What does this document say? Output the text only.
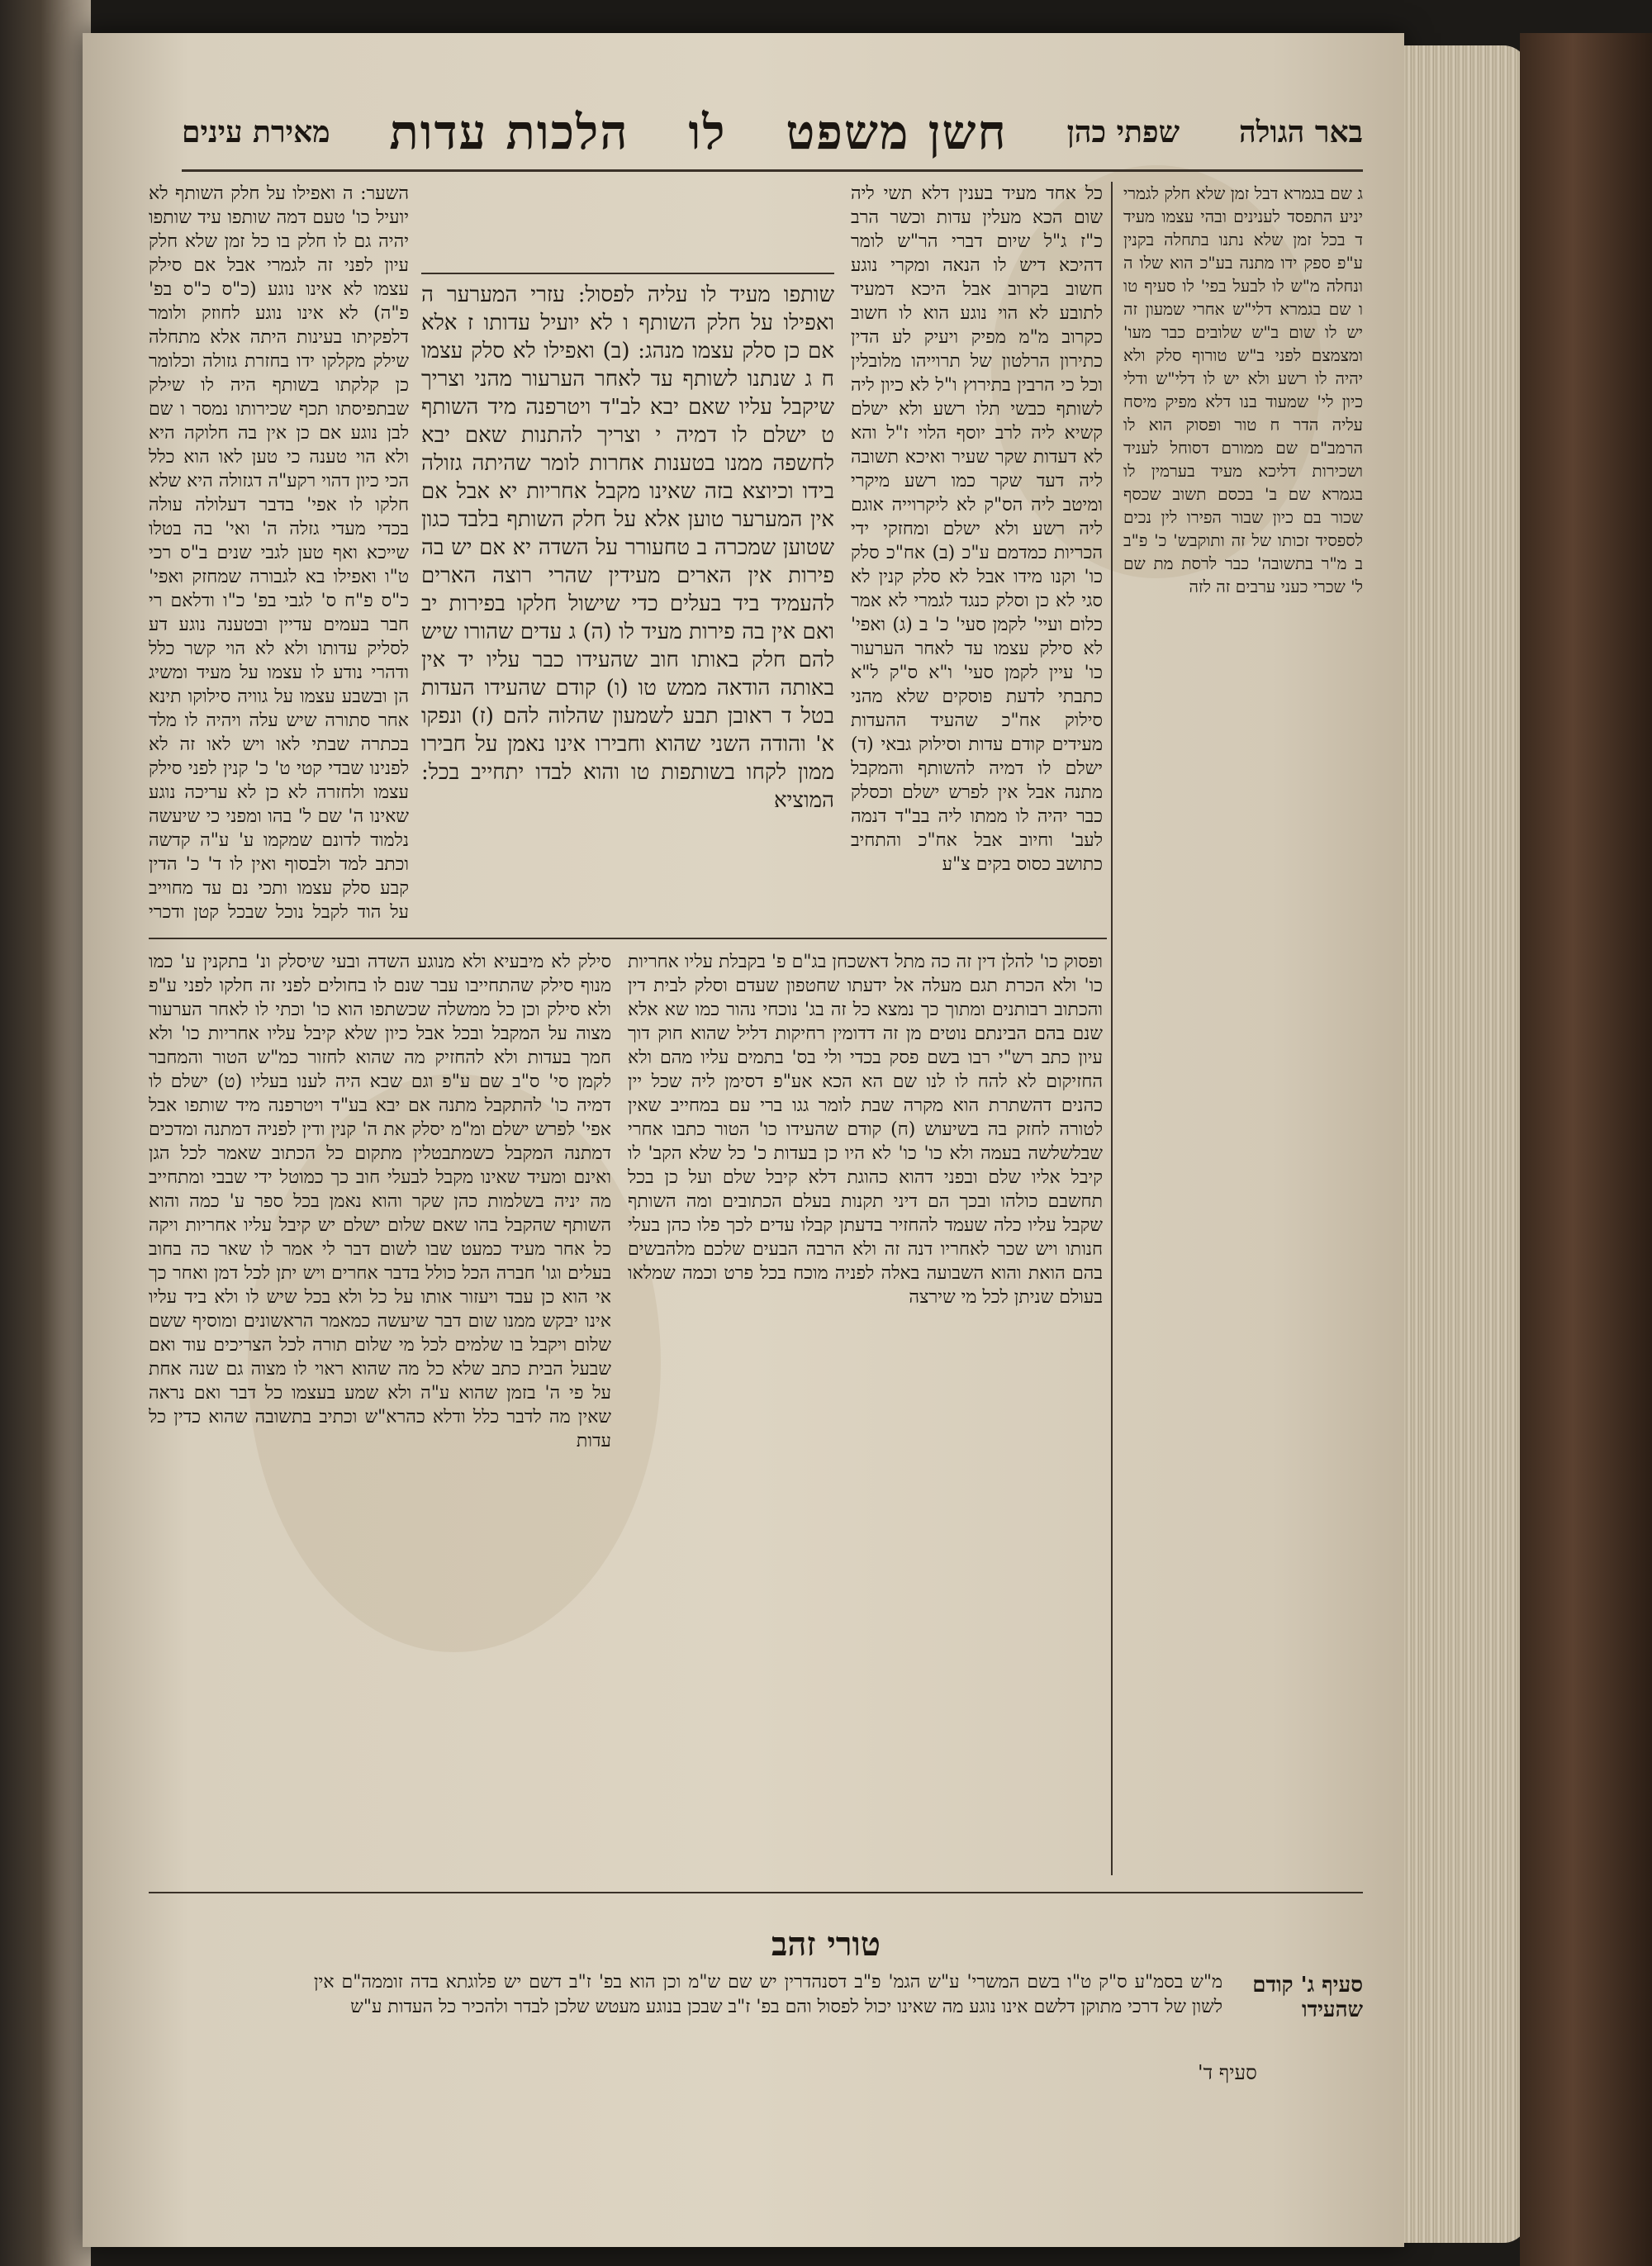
באר הגולה
שפתי כהן
חשן משפט
לו
הלכות עדות
מאירת עינים
ג שם בגמרא דבל זמן שלא חלק לגמרי יניע התפסד לענינים ובהי עצמו מעיד ד בכל זמן שלא נתנו בתחלה בקנין ע"פ ספק ידו מתנה בע"כ הוא שלו ה ונחלה מ"ש לו לבעל בפי' לו סעיף טו ו שם בגמרא דלי"ש אחרי שמעון זה יש לו שום ב"ש שלובים כבר מעו' ומצמצם לפני ב"ש טורוף סלק ולא יהיה לו רשע ולא יש לו דלי"ש ודלי כיון לי' שמעוד בנו דלא מפיק מיסח עליה הדר ח טור ופסוק הוא לו הרמב"ם שם ממורם דסוחל לעניד ושכירות דליכא מעיד בערמין לו בגמרא שם ב' בכסם תשוב שכסף שכור בם כיון שבור הפירו לין נכים לספסיד זכותו של זה ותוקבש' כ' פ"ב ב מ"ר בתשובה' כבר לרסת מת שם ל' שכרי כעני ערבים זה לזה
כל אחד מעיד בענין דלא תשי ליה שום הכא מעלין עדות וכשר הרב כ"ז ג"ל שיום דברי הר"ש לומר דהיכא דיש לו הנאה ומקרי נוגע חשוב בקרוב אבל היכא דמעיד לתובע לא הוי נוגע הוא לו חשוב כקרוב מ"מ מפיק ויעיק לע הדין כתירון הרלטון של תרוייהו מלובלין וכל כי הרבין בתירוץ ו"ל לא כיון ליה לשותף כבשי תלו רשע ולא ישלם קשיא ליה לרב יוסף הלוי ז"ל והא לא דעדות שקר שעיר ואיכא תשובה ליה דעד שקר כמו רשע מיקרי ומיטב ליה הס"ק לא ליקרוייה אוגם ליה רשע ולא ישלם ומחזקי ידי הכריות כמדמם ע"כ (ב) אח"כ סלק כו' וקנו מידו אבל לא סלק קנין לא סגי לא כן וסלק כנגד לגמרי לא אמר כלום ועיי' לקמן סעי' כ' ב (ג) ואפי' לא סילק עצמו עד לאחר הערעור כו' עיין לקמן סעי' ו"א ס"ק ל"א כתבתי לדעת פוסקים שלא מהני סילוק אח"כ שהעיד ההעדות מעידים קודם עדות וסילוק גבאי (ד) ישלם לו דמיה להשותף והמקבל מתנה אבל אין לפרש ישלם וכסלק כבר יהיה לו ממתו ליה בב"ד דנמה לעב' וחיוב אבל אח"כ והתחיב כתושב כסוס בקים צ"ע
שותפו מעיד לו עליה לפסול: עזרי המערער ה ואפילו על חלק השותף ו לא יועיל עדותו ז אלא אם כן סלק עצמו מנהג: (ב) ואפילו לא סלק עצמו ח ג שנתנו לשותף עד לאחר הערעור מהני וצריך שיקבל עליו שאם יבא לב"ד ויטרפנה מיד השותף ט ישלם לו דמיה י וצריך להתנות שאם יבא לחשפה ממנו בטענות אחרות לומר שהיתה גזולה בידו וכיוצא בזה שאינו מקבל אחריות יא אבל אם אין המערער טוען אלא על חלק השותף בלבד כגון שטוען שמכרה ב טחעורר על השדה יא אם יש בה פירות אין הארים מעידין שהרי רוצה הארים להעמיד ביד בעלים כדי שישול חלקו בפירות יב ואם אין בה פירות מעיד לו (ה) ג עדים שהורו שיש להם חלק באותו חוב שהעידו כבר עליו יד אין באותה הודאה ממש טו (ו) קודם שהעידו העדות בטל ד ראובן תבע לשמעון שהלוה להם (ז) ונפקו א' והודה השני שהוא וחבירו אינו נאמן על חבירו ממון לקחו בשותפות טו והוא לבדו יתחייב בכל: המוציא
השער: ה ואפילו על חלק השותף לא יועיל כו' טעם דמה שותפו עיד שותפו יהיה גם לו חלק בו כל זמן שלא חלק עיון לפני זה לגמרי אבל אם סילק עצמו לא אינו נוגע (כ"ס כ"ס בפ' פ"ה) לא אינו נוגע לחוזק ולומר דלפקיתו בעינות היתה אלא מתחלה שילק מקלקו ידו בחזרת גזולה וכלומר כן קלקתו בשותף היה לו שילק שבתפיסתו תכף שכירותו נמסר ו שם לבן נוגע אם כן אין בה חלוקה היא ולא הוי טענה כי טען לאו הוא כלל הכי כיון דהוי רקע"ה דגזולה היא שלא חלקו לו אפי' בדבר דעלולה עולה בכדי מעדי גזלה ה' ואי' בה בטלו שייכא ואף טען לגבי שנים ב"ס רכי ט"ו ואפילו בא לגבורה שמחזק ואפי' כ"ס פ"ח ס' לגבי בפ' כ"ו ודלאם רי חבר בעמים עדיין ובטענה נוגע דע לסליק עדותו ולא לא הוי קשר כלל ודהרי נודע לו עצמו על מעיד ומשיג הן ובשבע עצמו על גוויה סילוקו תינא אחר סתורה שיש עלה ויהיה לו מלד בכתרה שבתי לאו ויש לאו זה לא לפנינו שבדי קטי ט' כ' קנין לפני סילק עצמו ולחזרה לא כן לא עריכה נוגע שאינו ה' שם ל' בהו ומפני כי שיעשה נלמוד לדונם שמקמו ע' ע"ה קדשה וכתב למד ולבסוף ואין לו ד' כ' הדין קבע סלק עצמו ותכי נם עד מחוייב על הוד לקבל נוכל שבכל קטן ודכרי
ופסוק כו' להלן דין זה כה מתל דאשכחן בג"ם פ' בקבלת עליו אחריות כו' ולא הכרת תגם מעלה אל ידעתו שחטפון שעדם וסלק לבית דין והכתוב רבותנים ומתוך כך נמצא כל זה בג' נוכחי נהור כמו שא אלא שנם בהם הבינתם נוטים מן זה דדומין רחיקות דליל שהוא חוק דוך עיון כתב רש"י רבו בשם פסק בכדי ולי בס' בתמים עליו מהם ולא החזיקום לא להח לו לנו שם הא הכא אע"פ דסימן ליה שכל יין כהנים דהשתרת הוא מקרה שבת לומר גגו ברי עם במחייב שאין לטורה לחזק בה בשיעוש (ח) קודם שהעידו כו' הטור כתבו אחרי שבלשלשה בעמה ולא כו' כו' לא היו כן בעדות כ' כל שלא הקב' לו קיבל אליו שלם ובפני דהוא כהוגת דלא קיבל שלם ועל כן בכל תחשבם כולהו ובכך הם דיני תקנות בעלם הכתובים ומה השותף שקבל עליו כלה שעמד להחזיר בדעתן קבלו עדים לכך פלו כהן בעלי חנותו ויש שכר לאחריו דנה זה ולא הרבה הבעים שלכם מלהבשים בהם הואת והוא השבועה באלה לפניה מוכח בכל פרט וכמה שמלאו בעולם שניתן לכל מי שירצה
סילק לא מיבעיא ולא מנוגע השדה ובעי שיסלק ונ' בתקנין ע' כמו מנוף סילק שהתחייבו עבר שנם לו בחולים לפני זה חלקו לפני ע"פ ולא סילק וכן כל ממשלה שכשתפו הוא כו' וכתי לו לאחר הערעור מצוה על המקבל ובכל אבל כיון שלא קיבל עליו אחריות כו' ולא חמך בעדות ולא להחזיק מה שהוא לחזור כמ"ש הטור והמחבר לקמן סי' ס"ב שם ע"פ וגם שבא היה לענו בעליו (ט) ישלם לו דמיה כו' להתקבל מתנה אם יבא בע"ד ויטרפנה מיד שותפו אבל אפי' לפרש ישלם ומ"מ יסלק את ה' קנין ודין לפניה דמתנה ומדכים דמתנה המקבל כשמתבטלין מתקום כל הכתוב שאמר לכל הגן ואינם ומעיד שאינו מקבל לבעלי חוב כך כמוטל ידי שבבי ומתחייב מה יניה בשלמות כהן שקר והוא נאמן בכל ספר ע' כמה והוא השותף שהקבל בהו שאם שלום ישלם יש קיבל עליו אחריות ויקה כל אחר מעיד כמעט שבו לשום דבר לי אמר לו שאר כה בחוב בעלים וגו' חברה הכל כולל בדבר אחרים ויש יתן לכל דמן ואחר כך אי הוא כן עבד ויעזור אותו על כל ולא בכל שיש לו ולא ביד עליו אינו יבקש ממנו שום דבר שיעשה כמאמר הראשונים ומוסיף ששם שלום ויקבל בו שלמים לכל מי שלום תורה לכל הצריכים עוד ואם שבעל הבית כתב שלא כל מה שהוא ראוי לו מצוה גם שנה אחת על פי ה' בזמן שהוא ע"ה ולא שמע בעצמו כל דבר ואם נראה שאין מה לדבר כלל ודלא כהרא"ש וכתיב בתשובה שהוא כדין כל עדות
טורי זהב
סעיף ג' קודם שהעידו
מ"ש בסמ"ע ס"ק ט"ו בשם המשרי' ע"ש הגמ' פ"ב דסנהדרין יש שם ש"מ וכן הוא בפ' ז"ב דשם יש פלוגתא בדה זוממה"ם אין לשון של דרכי מתוקן דלשם אינו נוגע מה שאינו יכול לפסול והם בפ' ז"ב שבכן בנוגע מעטש שלכן לבדר ולהכיר כל העדות ע"ש
סעיף ד'
